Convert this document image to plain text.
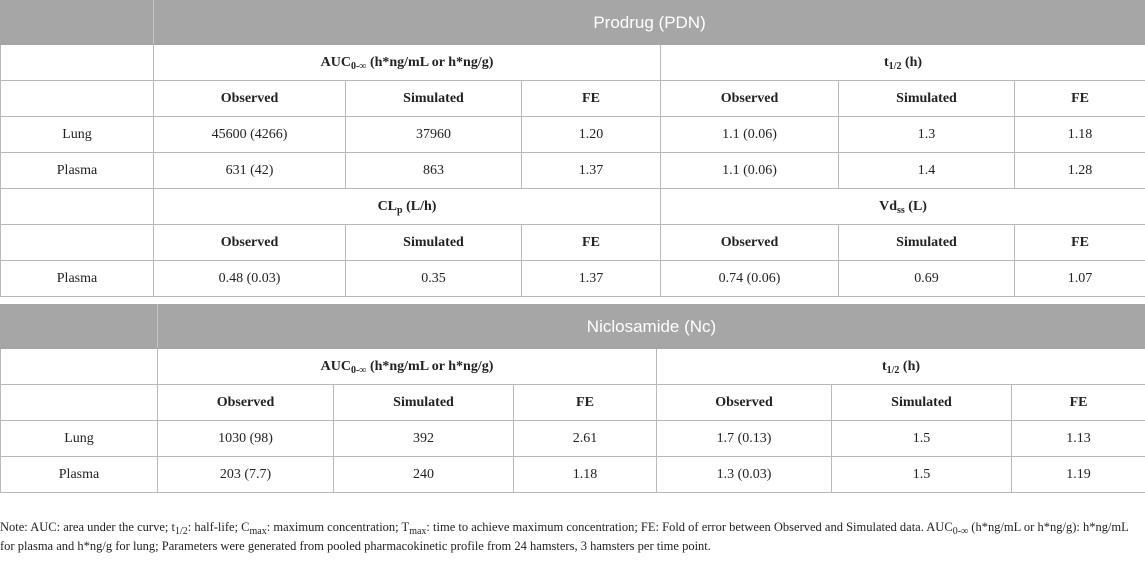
	Prodrug (PDN)					
	$AUC_{0-\infty}$ (h*ng/mL or h*ng/g)			$t_{1/2}$ (h)		
	Observed	Simulated	FE	Observed	Simulated	FE
Lung	45600 (4266)	37960	1.20	1.1 (0.06)	1.3	1.18
Plasma	631 (42)	863	1.37	1.1 (0.06)	1.4	1.28
	$CL_p$ (L/h)			$Vd_{ss}$ (L)		
	Observed	Simulated	FE	Observed	Simulated	FE
Plasma	0.48 (0.03)	0.35	1.37	0.74 (0.06)	0.69	1.07
	Niclosamide (Nc)					
	$AUC_{0-\infty}$ (h*ng/mL or h*ng/g)			$t_{1/2}$ (h)		
	Observed	Simulated	FE	Observed	Simulated	FE
Lung	1030 (98)	392	2.61	1.7 (0.13)	1.5	1.13
Plasma	203 (7.7)	240	1.18	1.3 (0.03)	1.5	1.19

Note: AUC: area under the curve; $t_{1/2}$: half-life; $C_{max}$: maximum concentration; $T_{max}$: time to achieve maximum concentration; FE: Fold of error between Observed and Simulated data. $AUC_{0-\infty}$ (h*ng/mL or h*ng/g): h*ng/mL for plasma and h*ng/g for lung; Parameters were generated from pooled pharmacokinetic profile from 24 hamsters, 3 hamsters per time point.
